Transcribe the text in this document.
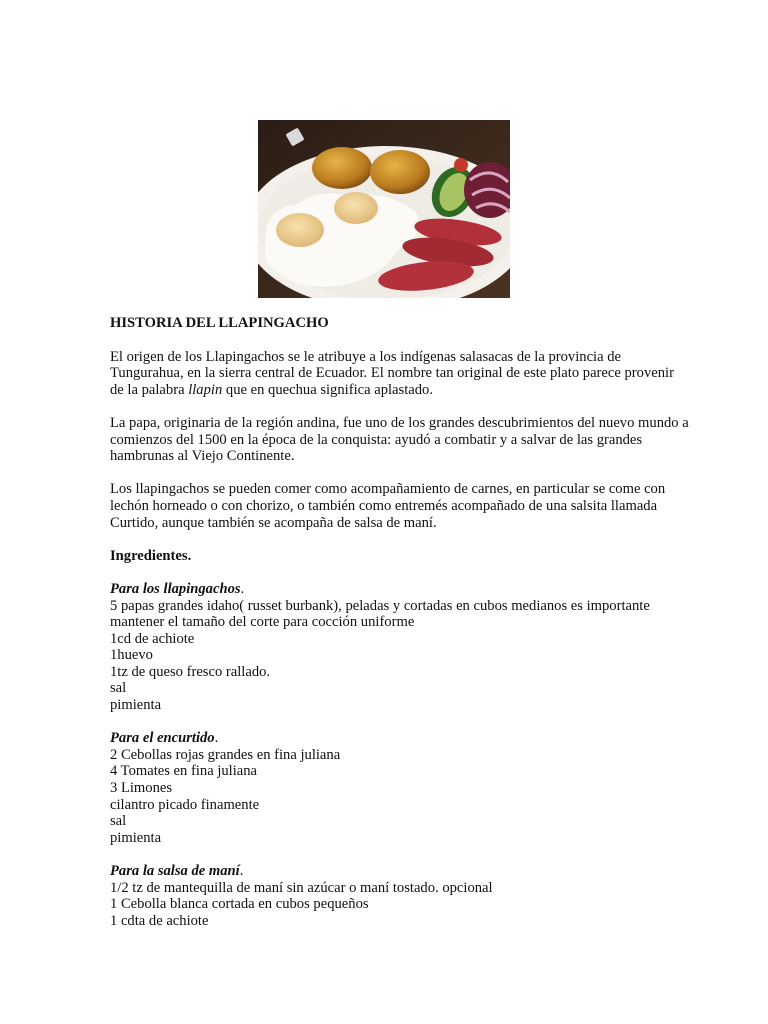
HISTORIA DEL LLAPINGACHO

El origen de los Llapingachos se le atribuye a los indígenas salasacas de la provincia de Tungurahua, en la sierra central de Ecuador. El nombre tan original de este plato parece provenir de la palabra llapin que en quechua significa aplastado.

La papa, originaria de la región andina, fue uno de los grandes descubrimientos del nuevo mundo a comienzos del 1500 en la época de la conquista: ayudó a combatir y a salvar de las grandes hambrunas al Viejo Continente.

Los llapingachos se pueden comer como acompañamiento de carnes, en particular se come con lechón horneado o con chorizo, o también como entremés acompañado de una salsita llamada Curtido, aunque también se acompaña de salsa de maní.

Ingredientes.

Para los llapingachos.

5 papas grandes idaho( russet burbank), peladas y cortadas en cubos medianos es importante mantener el tamaño del corte para cocción uniforme

1cd de achiote

1huevo

1tz de queso fresco rallado.

sal

pimienta

Para el encurtido.

2 Cebollas rojas grandes en fina juliana

4 Tomates en fina juliana

3 Limones

cilantro picado finamente

sal

pimienta

Para la salsa de maní.

1/2 tz de mantequilla de maní sin azúcar o maní tostado. opcional

1 Cebolla blanca cortada en cubos pequeños

1 cdta de achiote
